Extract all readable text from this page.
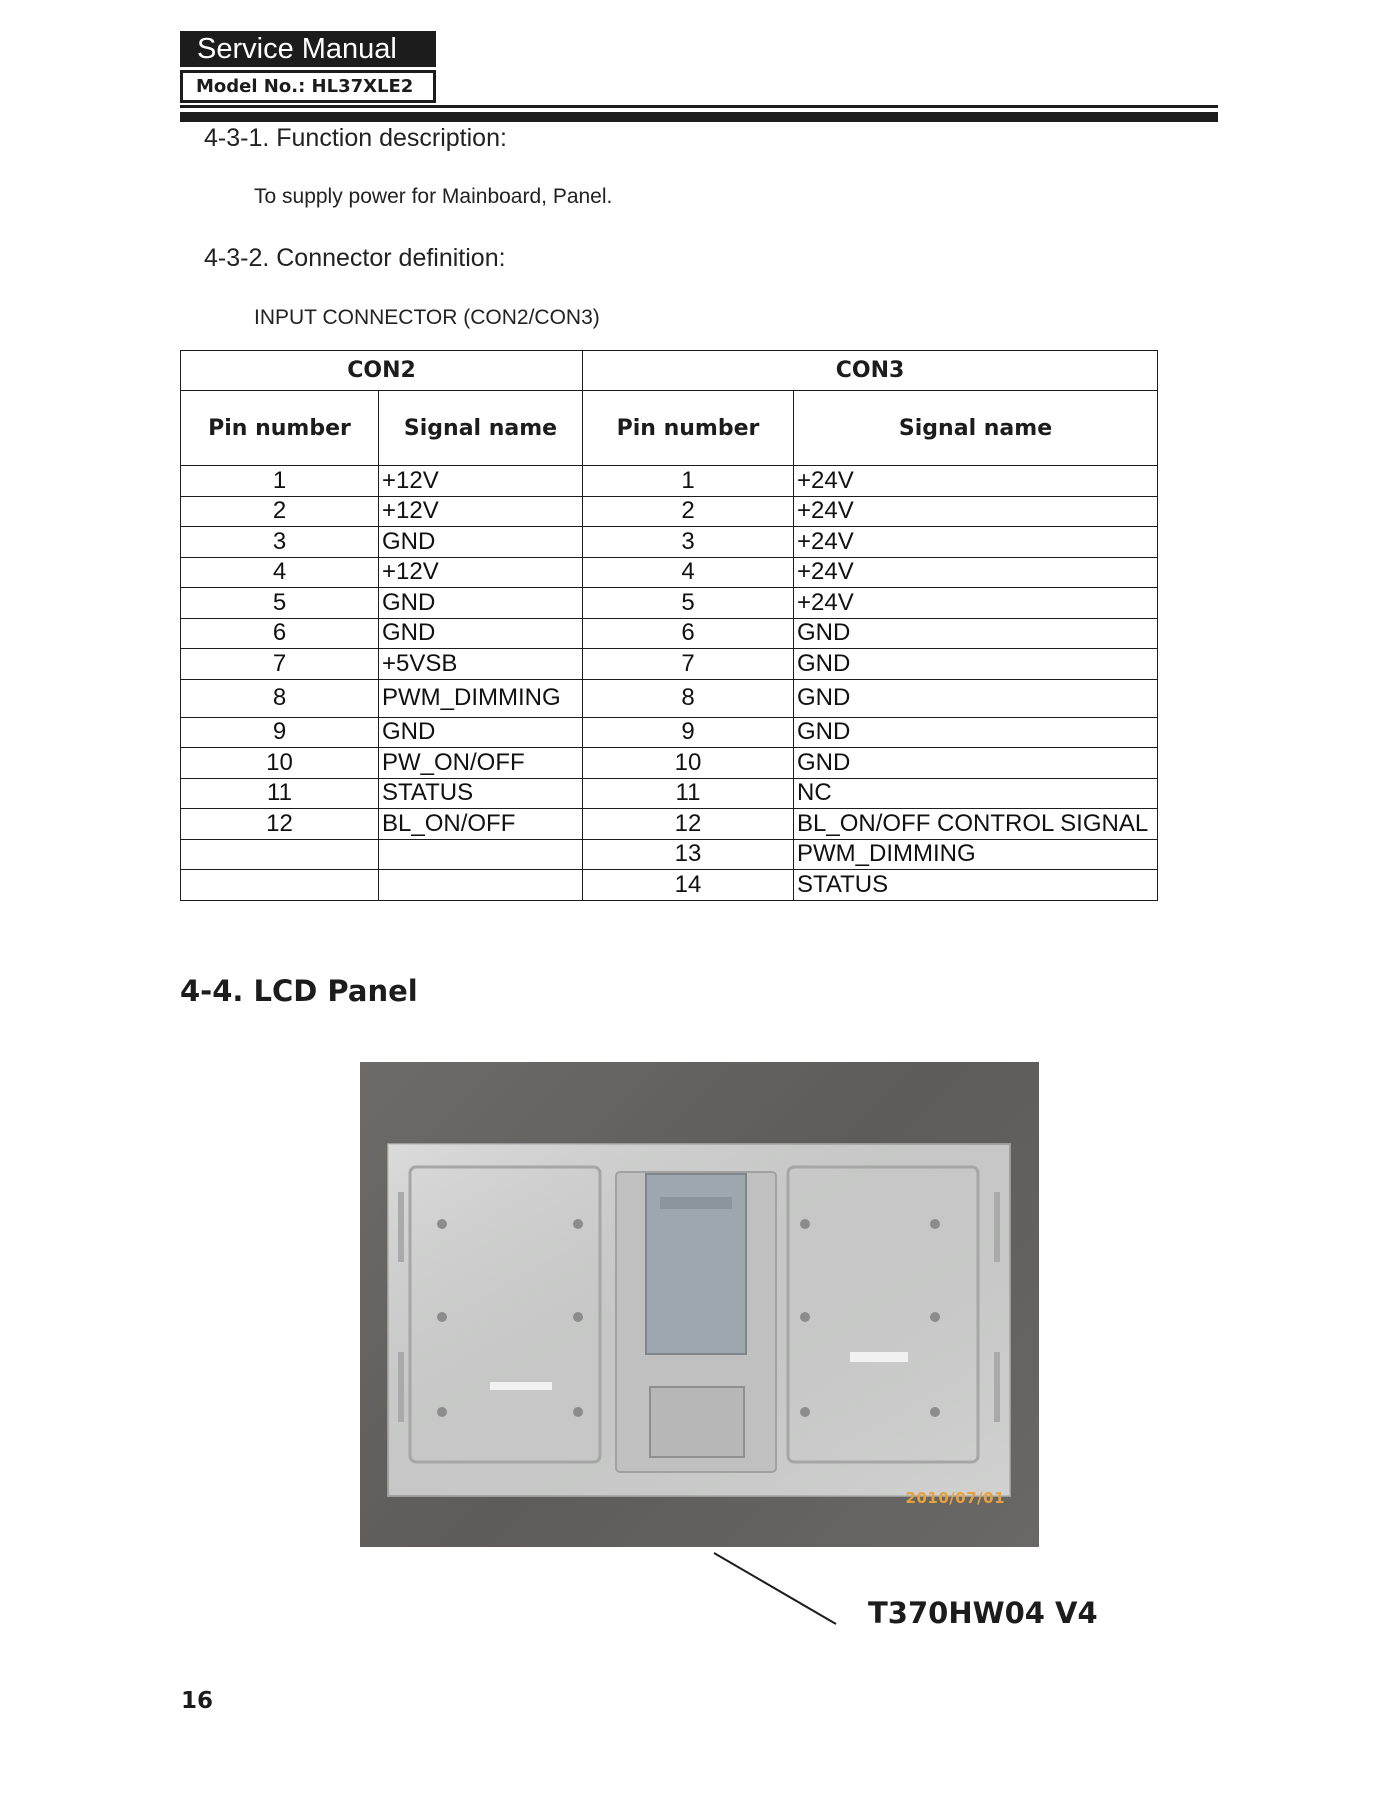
Service Manual
Model No.: HL37XLE2
4-3-1. Function description:
To supply power for Mainboard, Panel.
4-3-2. Connector definition:
INPUT CONNECTOR (CON2/CON3)
CON2		CON3	
Pin number	Signal name	Pin number	Signal name
1	+12V	1	+24V
2	+12V	2	+24V
3	GND	3	+24V
4	+12V	4	+24V
5	GND	5	+24V
6	GND	6	GND
7	+5VSB	7	GND
8	PWM_DIMMING	8	GND
9	GND	9	GND
10	PW_ON/OFF	10	GND
11	STATUS	11	NC
12	BL_ON/OFF	12	BL_ON/OFF CONTROL SIGNAL
		13	PWM_DIMMING
		14	STATUS
4-4. LCD Panel
2010/07/01
T370HW04 V4
16
